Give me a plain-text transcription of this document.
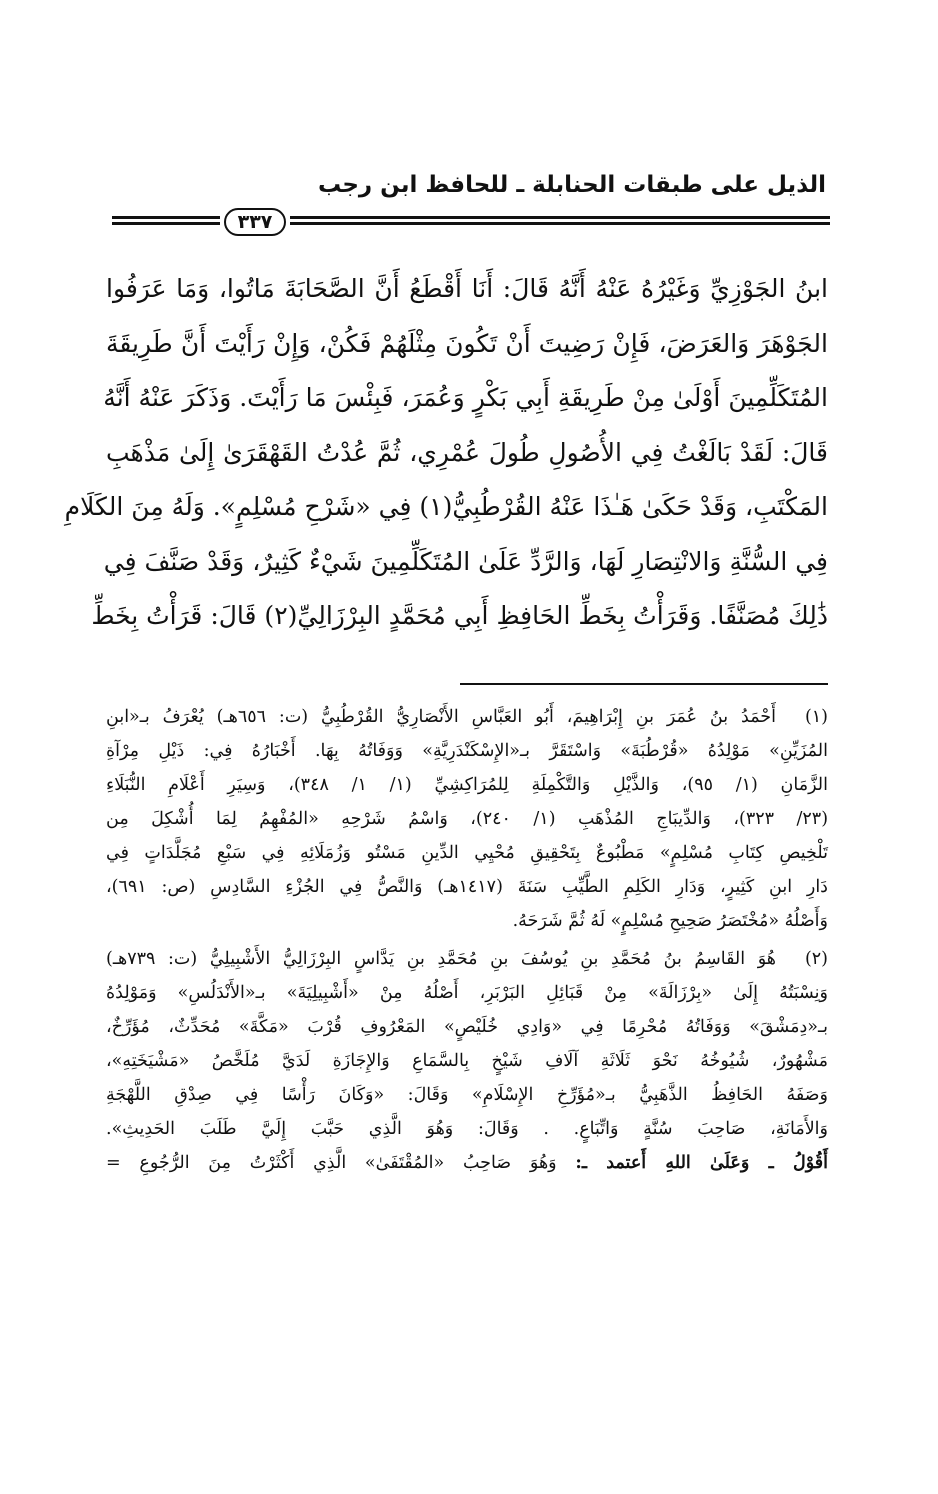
الذيل على طبقات الحنابلة ـ للحافظ ابن رجب
٣٣٧
ابنُ الجَوْزِيِّ وَغَيْرُهُ عَنْهُ أَنَّهُ قَالَ: أَنَا أَقْطَعُ أَنَّ الصَّحَابَةَ مَاتُوا، وَمَا عَرَفُوا
الجَوْهَرَ وَالعَرَضَ، فَإِنْ رَضِيتَ أَنْ تَكُونَ مِثْلَهُمْ فَكُنْ، وَإِنْ رَأَيْتَ أَنَّ طَرِيقَةَ
المُتَكَلِّمِينَ أَوْلَىٰ مِنْ طَرِيقَةِ أَبِي بَكْرٍ وَعُمَرَ، فَبِئْسَ مَا رَأَيْتَ. وَذَكَرَ عَنْهُ أَنَّهُ
قَالَ: لَقَدْ بَالَغْتُ فِي الأُصُولِ طُولَ عُمْرِي، ثُمَّ عُدْتُ القَهْقَرَىٰ إِلَىٰ مَذْهَبِ
المَكْتَبِ، وَقَدْ حَكَىٰ هَـٰذَا عَنْهُ القُرْطُبِيُّ(١) فِي «شَرْحِ مُسْلِمٍ». وَلَهُ مِنَ الكَلَامِ
فِي السُّنَّةِ وَالانْتِصَارِ لَهَا، وَالرَّدِّ عَلَىٰ المُتَكَلِّمِينَ شَيْءٌ كَثِيرٌ، وَقَدْ صَنَّفَ فِي
ذَٰلِكَ مُصَنَّفًا. وَقَرَأْتُ بِخَطِّ الحَافِظِ أَبِي مُحَمَّدٍ البِرْزَالِيِّ(٢) قَالَ: قَرَأْتُ بِخَطِّ
(١)
أَحْمَدُ بنُ عُمَرَ بنِ إِبْرَاهِيمَ، أَبُو العَبَّاسِ الأَنْصَارِيُّ القُرْطُبِيُّ (ت: ٦٥٦هـ) يُعْرَفُ بـ«ابنِ
المُزَيِّنِ» مَوْلِدُهُ «قُرْطُبَةَ» وَاسْتَقَرَّ بـ«الإِسْكَنْدَرِيَّةِ» وَوَفَاتُهُ بِهَا. أَخْبَارُهُ فِي: ذَيْلِ مِرْآةِ
الزَّمَانِ (١/ ٩٥)، وَالذَّيْلِ وَالتَّكْمِلَةِ لِلمُرَاكِشِيِّ (١/ ١/ ٣٤٨)، وَسِيَرِ أَعْلَامِ النُّبَلَاءِ
(٢٣/ ٣٢٣)، وَالدِّيبَاجِ المُذْهَبِ (١/ ٢٤٠)، وَاسْمُ شَرْحِهِ «المُفْهِمُ لِمَا أُشْكِلَ مِن
تَلْخِيصِ كِتَابِ مُسْلِمٍ» مَطْبُوعٌ بِتَحْقِيقِ مُحْيِي الدِّينِ مَسْتُو وَزُمَلَائِهِ فِي سَبْعِ مُجَلَّدَاتٍ فِي
دَارِ ابنِ كَثِيرٍ، وَدَارِ الكَلِمِ الطَّيِّبِ سَنَةَ (١٤١٧هـ) وَالنَّصُّ فِي الجُزْءِ السَّادِسِ (ص: ٦٩١)،
وَأَصْلُهُ «مُخْتَصَرُ صَحِيحِ مُسْلِمٍ» لَهُ ثُمَّ شَرَحَهُ.
(٢)
هُوَ القَاسِمُ بنُ مُحَمَّدِ بنِ يُوسُفَ بنِ مُحَمَّدِ بنِ يَدَّاسٍ البِرْزَالِيُّ الأَشْبِيلِيُّ (ت: ٧٣٩هـ)
وَنِسْبَتُهُ إِلَىٰ «بِرْزَالَةَ» مِنْ قَبَائِلِ البَرْبَرِ، أَصْلُهُ مِنْ «أَشْبِيلِيَةَ» بـ«الأَنْدَلُسِ» وَمَوْلِدُهُ
بـ«دِمَشْقَ» وَوَفَاتُهُ مُحْرِمًا فِي «وَادِي خُلَيْصٍ» المَعْرُوفِ قُرْبَ «مَكَّةَ» مُحَدِّثٌ، مُؤَرِّخٌ،
مَشْهُورٌ، شُيُوخُهُ نَحْوَ ثَلَاثَةِ آلَافِ شَيْخٍ بِالسَّمَاعِ وَالإِجَازَةِ لَدَيَّ مُلَخَّصُ «مَشْيَخَتِهِ»،
وَصَفَهُ الحَافِظُ الذَّهَبِيُّ بـ«مُؤَرِّخِ الإِسْلَامِ» وَقَالَ: «وَكَانَ رَأْسًا فِي صِدْقِ اللَّهْجَةِ
وَالأَمَانَةِ، صَاحِبَ سُنَّةٍ وَاتِّبَاعٍ. . وَقَالَ: وَهُوَ الَّذِي حَبَّبَ إِلَيَّ طَلَبَ الحَدِيثِ».
أَقُوْلُ ـ وَعَلَىٰ اللهِ أَعتمد ـ: وَهُوَ صَاحِبُ «المُقْتَفَىٰ» الَّذِي أَكْثَرْتُ مِنَ الرُّجُوعِ =
